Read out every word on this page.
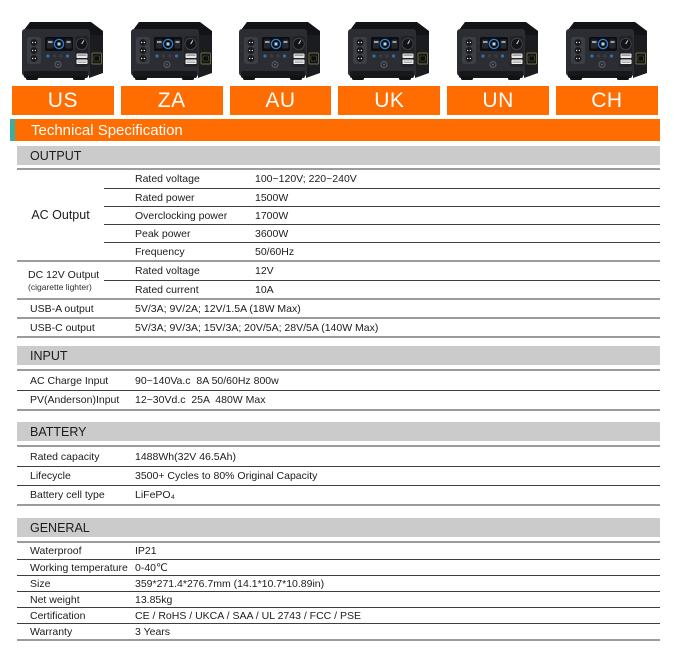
US	ZA	AU	UK	UN	CH
Technical Specification
OUTPUT
AC Output
Rated voltage	100~120V; 220~240V
Rated power	1500W
Overclocking power	1700W
Peak power	3600W
Frequency	50/60Hz
DC 12V Output
(cigarette lighter)
Rated voltage	12V
Rated current	10A
USB-A output	5V/3A; 9V/2A; 12V/1.5A (18W Max)
USB-C output	5V/3A; 9V/3A; 15V/3A; 20V/5A; 28V/5A (140W Max)
INPUT
AC Charge Input	90~140Va.c  8A 50/60Hz 800w
PV(Anderson)Input	12~30Vd.c  25A  480W Max
BATTERY
Rated capacity	1488Wh(32V 46.5Ah)
Lifecycle	3500+ Cycles to 80% Original Capacity
Battery cell type	LiFePO₄
GENERAL
Waterproof	IP21
Working temperature 0-40℃
Size	359*271.4*276.7mm (14.1*10.7*10.89in)
Net weight	13.85kg
Certification	CE / RoHS / UKCA / SAA / UL 2743 / FCC / PSE
Warranty	3 Years
